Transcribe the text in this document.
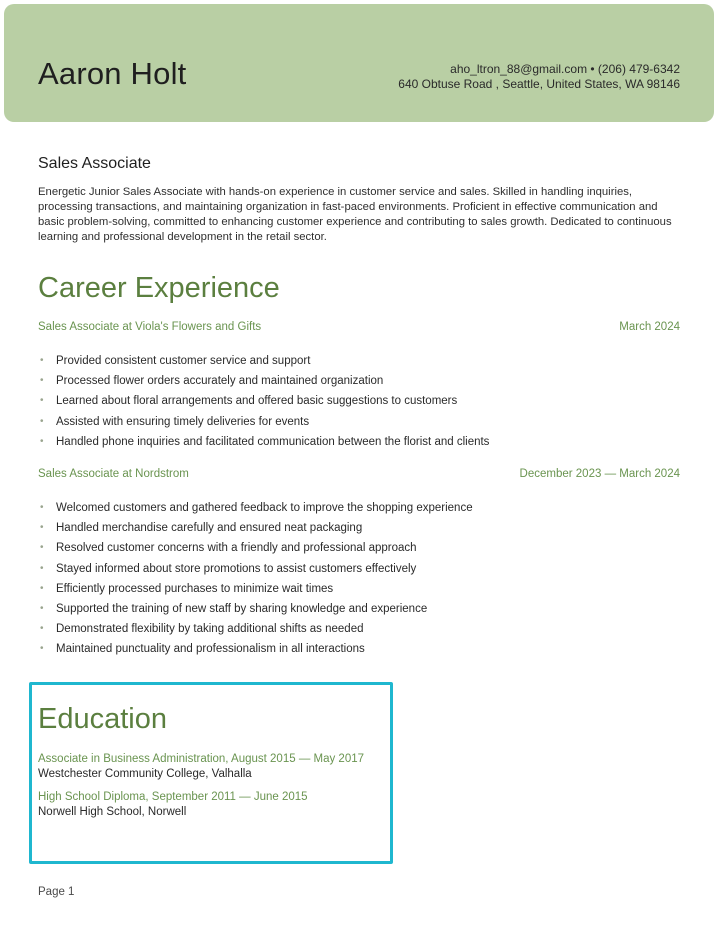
Aaron Holt	aho_ltron_88@gmail.com • (206) 479-6342
640 Obtuse Road , Seattle, United States, WA 98146
Sales Associate
Energetic Junior Sales Associate with hands-on experience in customer service and sales. Skilled in handling inquiries, processing transactions, and maintaining organization in fast-paced environments. Proficient in effective communication and basic problem-solving, committed to enhancing customer experience and contributing to sales growth. Dedicated to continuous learning and professional development in the retail sector.
Career Experience
Sales Associate at Viola's Flowers and Gifts	March 2024
• Provided consistent customer service and support
• Processed flower orders accurately and maintained organization
• Learned about floral arrangements and offered basic suggestions to customers
• Assisted with ensuring timely deliveries for events
• Handled phone inquiries and facilitated communication between the florist and clients
Sales Associate at Nordstrom	December 2023 — March 2024
• Welcomed customers and gathered feedback to improve the shopping experience
• Handled merchandise carefully and ensured neat packaging
• Resolved customer concerns with a friendly and professional approach
• Stayed informed about store promotions to assist customers effectively
• Efficiently processed purchases to minimize wait times
• Supported the training of new staff by sharing knowledge and experience
• Demonstrated flexibility by taking additional shifts as needed
• Maintained punctuality and professionalism in all interactions
Education
Associate in Business Administration, August 2015 — May 2017
Westchester Community College, Valhalla
High School Diploma, September 2011 — June 2015
Norwell High School, Norwell
Page 1
